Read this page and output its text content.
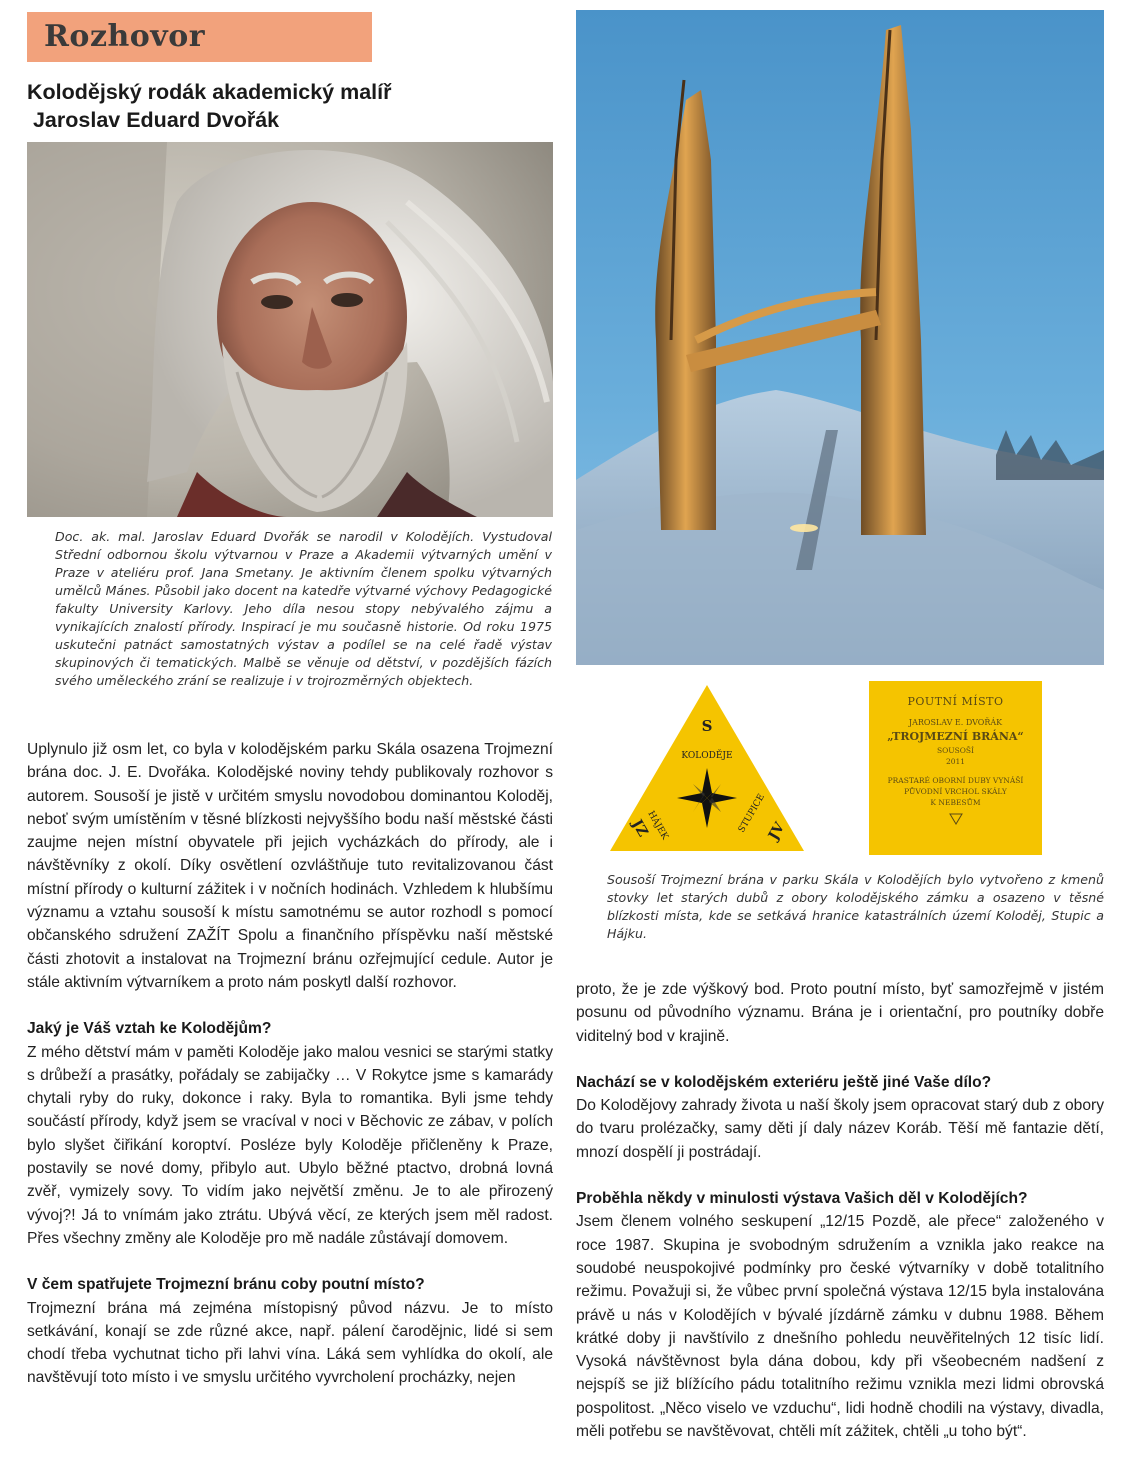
Rozhovor
Kolodějský rodák akademický malíř
Jaroslav Eduard Dvořák

Doc. ak. mal. Jaroslav Eduard Dvořák se narodil v Kolodějích. Vystudoval Střední odbornou školu výtvarnou v Praze a Akademii výtvarných umění v Praze v ateliéru prof. Jana Smetany. Je aktivním členem spolku výtvarných umělců Mánes. Působil jako docent na katedře výtvarné výchovy Pedagogické fakulty University Karlovy. Jeho díla nesou stopy nebývalého zájmu a vynikajících znalostí přírody. Inspirací je mu současně historie. Od roku 1975 uskutečni patnáct samostatných výstav a podílel se na celé řadě výstav skupinových či tematických. Malbě se věnuje od dětství, v pozdějších fázích svého uměleckého zrání se realizuje i v trojrozměrných objektech.

Uplynulo již osm let, co byla v kolodějském parku Skála osazena Trojmezní brána doc. J. E. Dvořáka. Kolodějské noviny tehdy publikovaly rozhovor s autorem. Sousoší je jistě v určitém smyslu novodobou dominantou Koloděj, neboť svým umístěním v těsné blízkosti nejvyššího bodu naší městské části zaujme nejen místní obyvatele při jejich vycházkách do přírody, ale i návštěvníky z okolí. Díky osvětlení ozvláštňuje tuto revitalizovanou část místní přírody o kulturní zážitek i v nočních hodinách. Vzhledem k hlubšímu významu a vztahu sousoší k místu samotnému se autor rozhodl s pomocí občanského sdružení ZAŽÍT Spolu a finančního příspěvku naší městské části zhotovit a instalovat na Trojmezní bránu ozřejmující cedule. Autor je stále aktivním výtvarníkem a proto nám poskytl další rozhovor.

Jaký je Váš vztah ke Kolodějům?

Z mého dětství mám v paměti Koloděje jako malou vesnici se starými statky s drůbeží a prasátky, pořádaly se zabijačky … V Rokytce jsme s kamarády chytali ryby do ruky, dokonce i raky. Byla to romantika. Byli jsme tehdy součástí přírody, když jsem se vracíval v noci v Běchovic ze zábav, v polích bylo slyšet čiřikání koroptví. Posléze byly Koloděje přičleněny k Praze, postavily se nové domy, přibylo aut. Ubylo běžné ptactvo, drobná lovná zvěř, vymizely sovy. To vidím jako největší změnu. Je to ale přirozený vývoj?! Já to vnímám jako ztrátu. Ubývá věcí, ze kterých jsem měl radost. Přes všechny změny ale Koloděje pro mě nadále zůstávají domovem.

V čem spatřujete Trojmezní bránu coby poutní místo?

Trojmezní brána má zejména místopisný původ názvu. Je to místo setkávání, konají se zde různé akce, např. pálení čarodějnic, lidé si sem chodí třeba vychutnat ticho při lahvi vína. Láká sem vyhlídka do okolí, ale navštěvují toto místo i ve smyslu určitého vyvrcholení procházky, nejen

S
KOLODĚJE
HÁJEK	STUPICE
JZ	JV
POUTNÍ MÍSTO
JAROSLAV E. DVOŘÁK
„TROJMEZNÍ BRÁNA“
SOUSOŠÍ
2011
PRASTARÉ OBORNÍ DUBY VYNÁŠÍ
PŮVODNÍ VRCHOL SKÁLY
K NEBESŮM

Sousoší Trojmezní brána v parku Skála v Kolodějích bylo vytvořeno z kmenů stovky let starých dubů z obory kolodějského zámku a osazeno v těsné blízkosti místa, kde se setkává hranice katastrálních území Koloděj, Stupic a Hájku.

proto, že je zde výškový bod. Proto poutní místo, byť samozřejmě v jistém posunu od původního významu. Brána je i orientační, pro poutníky dobře viditelný bod v krajině.

Nachází se v kolodějském exteriéru ještě jiné Vaše dílo?

Do Kolodějovy zahrady života u naší školy jsem opracovat starý dub z obory do tvaru prolézačky, samy děti jí daly název Koráb. Těší mě fantazie dětí, mnozí dospělí ji postrádají.

Proběhla někdy v minulosti výstava Vašich děl v Kolodějích?

Jsem členem volného seskupení „12/15 Pozdě, ale přece“ založeného v roce 1987. Skupina je svobodným sdružením a vznikla jako reakce na soudobé neuspokojivé podmínky pro české výtvarníky v době totalitního režimu. Považuji si, že vůbec první společná výstava 12/15 byla instalována právě u nás v Kolodějích v bývalé jízdárně zámku v dubnu 1988. Během krátké doby ji navštívilo z dnešního pohledu neuvěřitelných 12 tisíc lidí. Vysoká návštěvnost byla dána dobou, kdy při všeobecném nadšení z nejspíš se již blížícího pádu totalitního režimu vznikla mezi lidmi obrovská pospolitost. „Něco viselo ve vzduchu“, lidi hodně chodili na výstavy, divadla, měli potřebu se navštěvovat, chtěli mít zážitek, chtěli „u toho být“.
